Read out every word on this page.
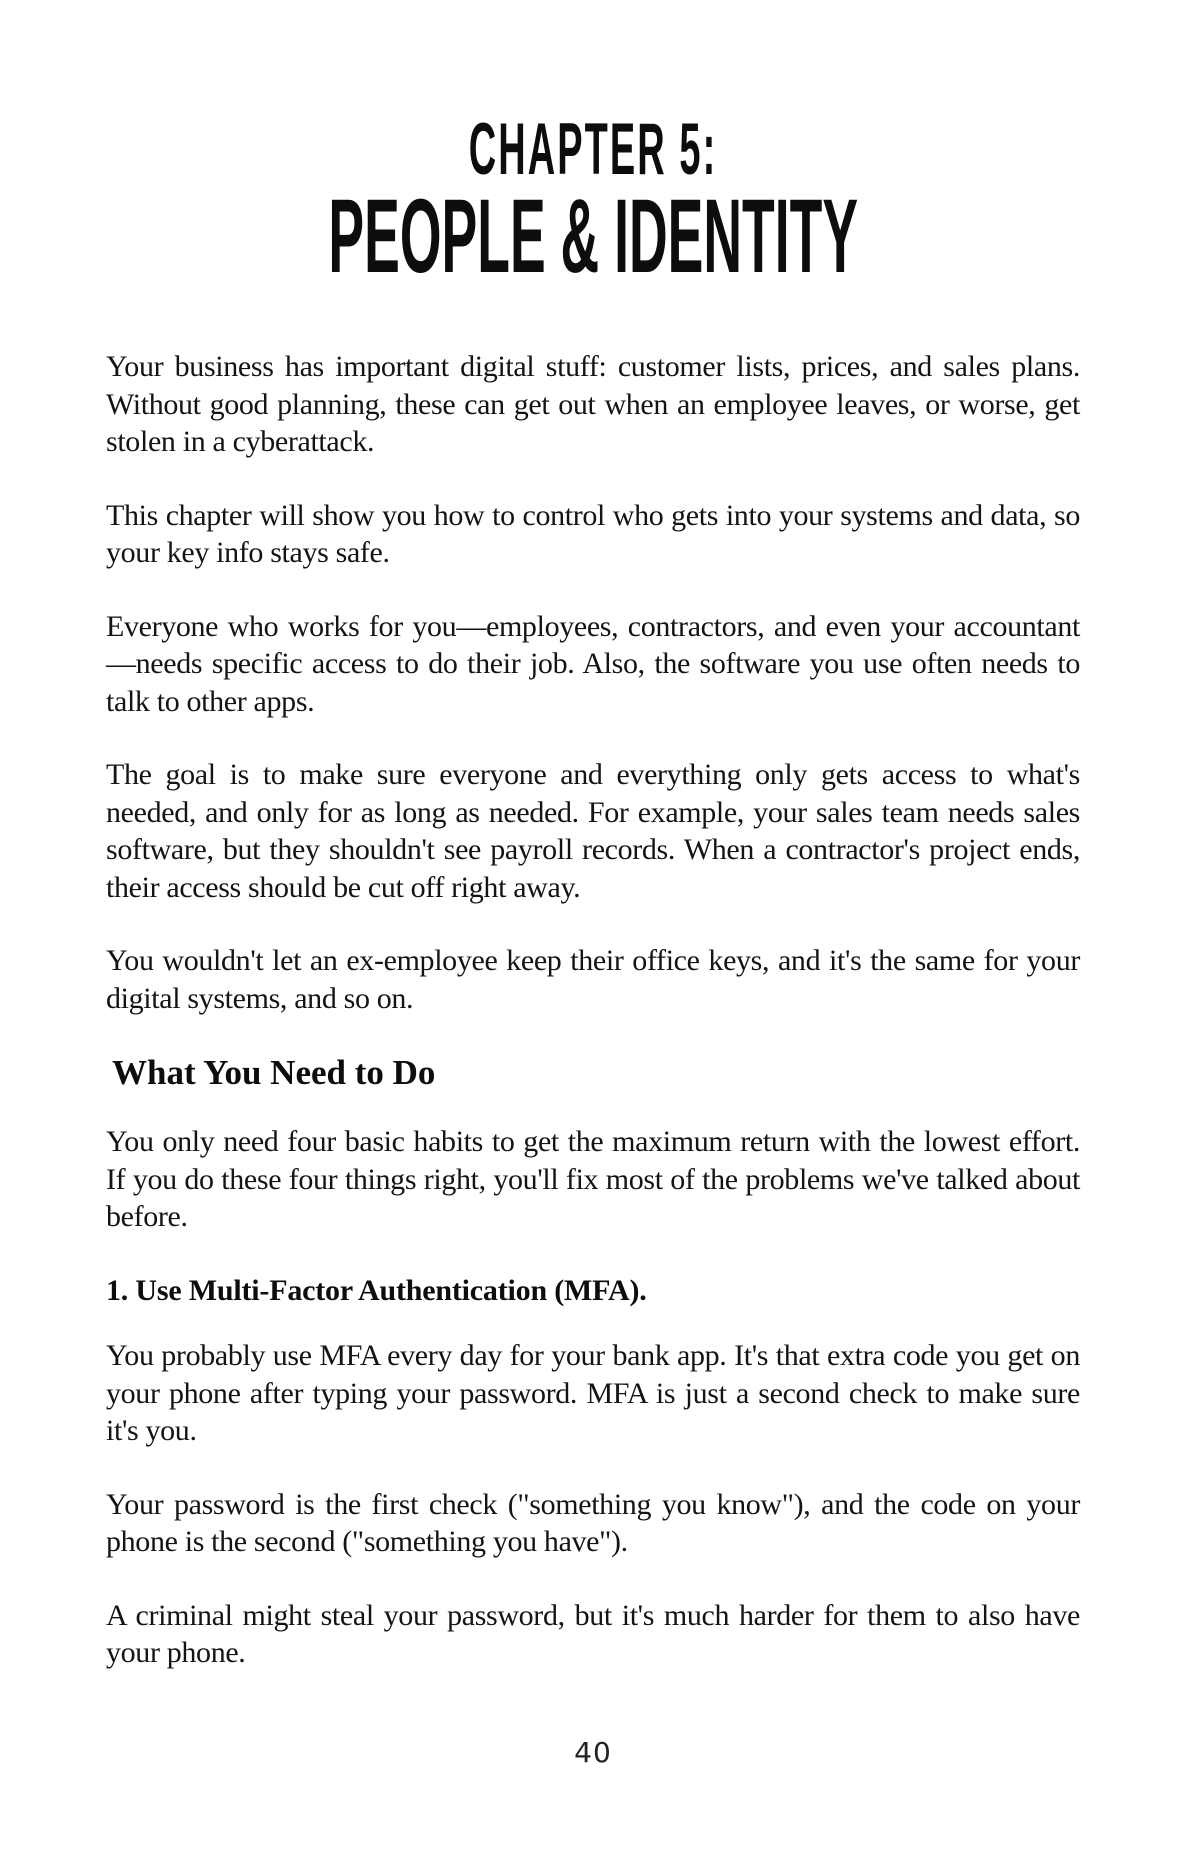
CHAPTER 5:
PEOPLE & IDENTITY

Your business has important digital stuff: customer lists, prices, and sales plans. Without good planning, these can get out when an employee leaves, or worse, get stolen in a cyberattack.

This chapter will show you how to control who gets into your systems and data, so your key info stays safe.

Everyone who works for you—employees, contractors, and even your accountant—needs specific access to do their job. Also, the software you use often needs to talk to other apps.

The goal is to make sure everyone and everything only gets access to what's needed, and only for as long as needed. For example, your sales team needs sales software, but they shouldn't see payroll records. When a contractor's project ends, their access should be cut off right away.

You wouldn't let an ex-employee keep their office keys, and it's the same for your digital systems, and so on.

What You Need to Do

You only need four basic habits to get the maximum return with the lowest effort. If you do these four things right, you'll fix most of the problems we've talked about before.

1. Use Multi-Factor Authentication (MFA).

You probably use MFA every day for your bank app. It's that extra code you get on your phone after typing your password. MFA is just a second check to make sure it's you.

Your password is the first check ("something you know"), and the code on your phone is the second ("something you have").

A criminal might steal your password, but it's much harder for them to also have your phone.

40
